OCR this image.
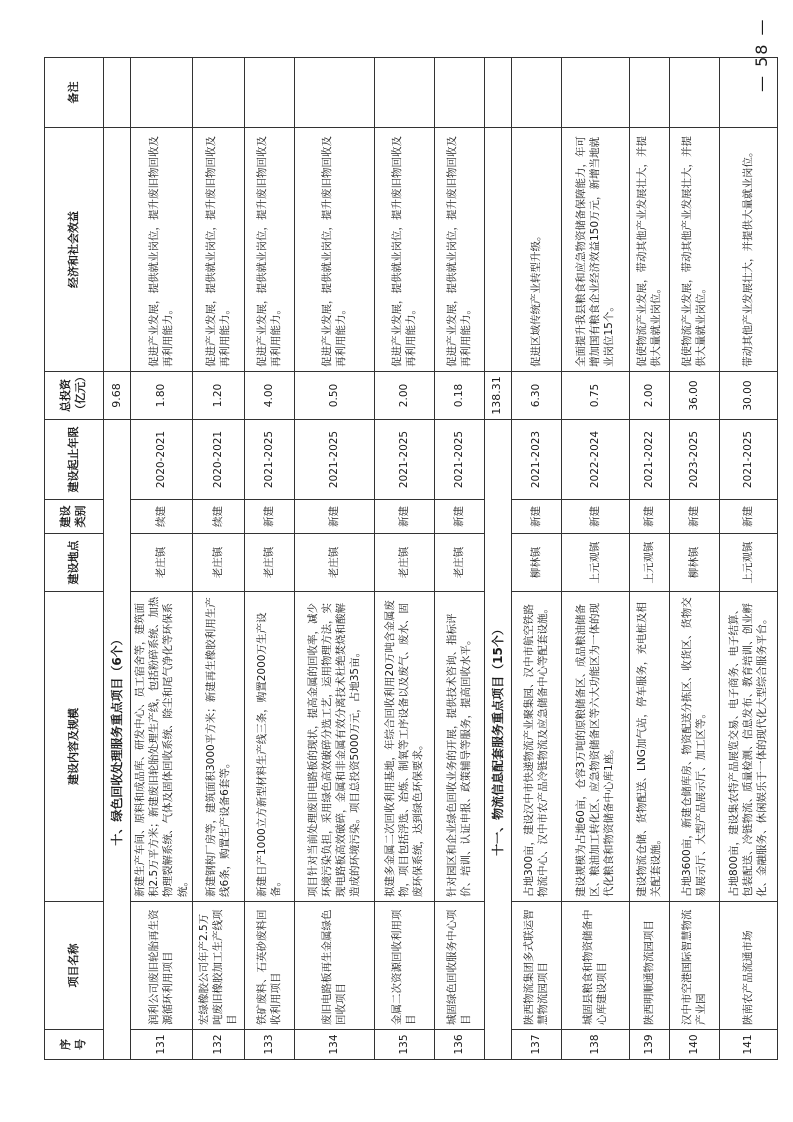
序号	项目名称	建设内容及规模	建设地点	建设类别	建设起止年限	总投资（亿元）	经济和社会效益	备注
十、绿色回收处理服务重点项目（6个）						9.68		
131	润利公司废旧轮胎再生资源循环利用项目	新建生产车间、原料和成品库、研发中心、员工宿舍等，建筑面积2.5万平方米；新建废旧轮胎处理生产线，包括粉碎系统、加热物理裂解系统、气体及固体回收系统、除尘和尾气净化等环保系统。	老庄镇	续建	2020-2021	1.80	促进产业发展，提供就业岗位，提升废旧物回收及再利用能力。	
132	宏绿橡胶公司年产2.5万吨废旧橡胶加工生产线项目	新建钢构厂房等，建筑面积3000平方米；新建再生橡胶利用生产线6条，购置生产设备6套等。	老庄镇	续建	2020-2021	1.20	促进产业发展，提供就业岗位，提升废旧物回收及再利用能力。	
133	铁矿废料、石英砂废料回收利用项目	新建日产1000立方新型材料生产线三条，购置2000万生产设备。	老庄镇	新建	2021-2025	4.00	促进产业发展，提供就业岗位，提升废旧物回收及再利用能力。	
134	废旧电路板再生金属绿色回收项目	项目针对当前处理废旧电路板的现状，提高金属的回收率，减少环境污染负担，采用绿色高效破碎分选工艺，运用物理方法，实现电路板高效破碎，金属和非金属有效分离技术杜绝焚烧和酸解造成的环境污染。项目总投资5000万元，占地35亩。	老庄镇	新建	2021-2025	0.50	促进产业发展，提供就业岗位，提升废旧物回收及再利用能力。	
135	金属二次资源回收利用项目	拟建多金属二次回收利用基地，年综合回收利用20万吨含金属废物，项目包括浮选、冶炼、制氧等工序设备以及废气、废水、固废环保系统，达到绿色环保要求。	老庄镇	新建	2021-2025	2.00	促进产业发展，提供就业岗位，提升废旧物回收及再利用能力。	
136	城固绿色回收服务中心项目	针对园区和企业绿色回收业务的开展，提供技术咨询、指标评价、培训、认证申报、政策辅导等服务，提高回收水平。	老庄镇	新建	2021-2025	0.18	促进产业发展，提供就业岗位，提升废旧物回收及再利用能力。	
十一、物流信息配套服务重点项目（15个）						138.31		
137	陕西物流集团多式联运智慧物流园项目	占地300亩，建设汉中市快递物流产业聚集园、汉中市航空铁路物流中心、汉中市农产品冷链物流及应急储备中心等配套设施。	柳林镇	新建	2021-2023	6.30	促进区域传统产业转型升级。	
138	城固县粮食和物资储备中心库建设项目	建设规模为占地60亩，仓容3万吨的原粮储备区、成品粮油储备区、粮油加工转化区、应急物资储备区等六大功能区为一体的现代化粮食和物资储备中心库1座。	上元观镇	新建	2022-2024	0.75	全面提升我县粮食和应急物资储备保障能力，年可增加国有粮食企业经济效益150万元，新增当地就业岗位15个。	
139	陕西明顺通物流园项目	建设物流仓储、货物配送、LNG加气站，停车服务，充电桩及相关配套设施。	上元观镇	新建	2021-2022	2.00	促使物流产业发展，带动其他产业发展壮大，并提供大量就业岗位。	
140	汉中市空港国际智慧物流产业园	占地3600亩，新建仓储库房、物资配送分拣区、收货区、货物交易展示厅、大型产品展示厅、加工区等。	柳林镇	新建	2023-2025	36.00	促使物流产业发展，带动其他产业发展壮大，并提供大量就业岗位。	
141	陕南农产品流通市场	占地800亩，建设集农特产品展览交易、电子商务、电子结算、包装配送、冷链物流、质量检测、信息发布、教育培训、创业孵化、金融服务、休闲娱乐于一体的现代化大型综合服务平台。	上元观镇	新建	2021-2025	30.00	带动其他产业发展壮大，并提供大量就业岗位。	
— 58 —
